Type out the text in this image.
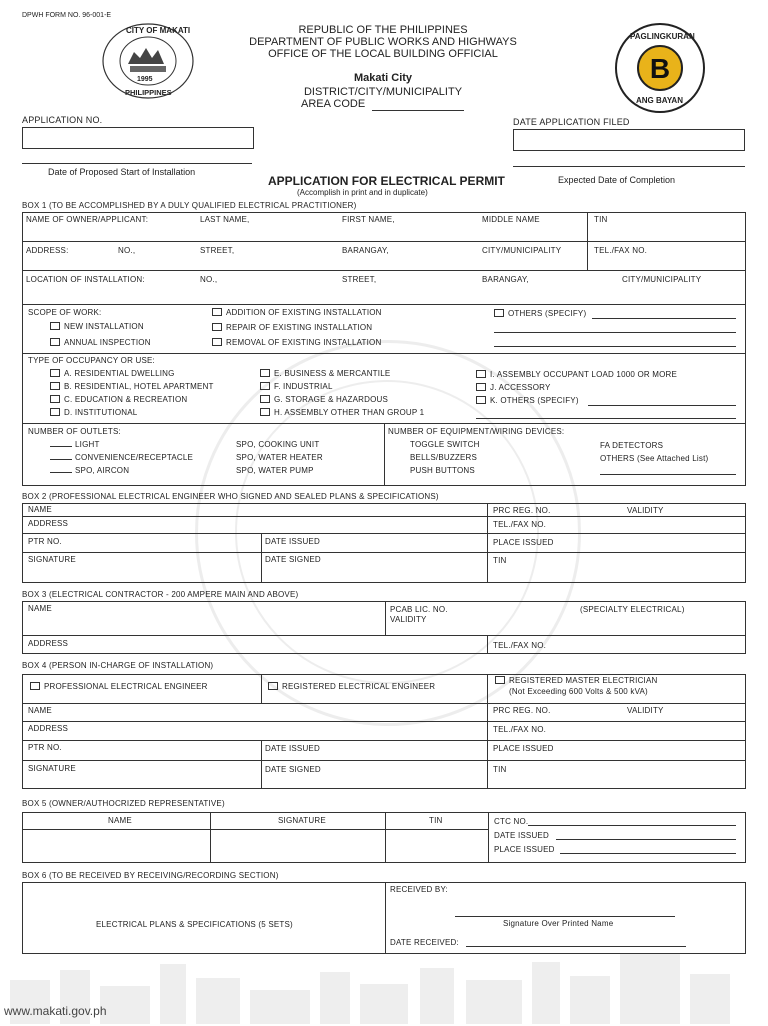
DPWH FORM NO. 96-001-E
CITY OF MAKATI
1995
PHILIPPINES
REPUBLIC OF THE PHILIPPINES
DEPARTMENT OF PUBLIC WORKS AND HIGHWAYS
OFFICE OF THE LOCAL BUILDING OFFICIAL
Makati City
DISTRICT/CITY/MUNICIPALITY
AREA CODE
B
PAGLINGKURAN
ANG BAYAN
APPLICATION NO.	DATE APPLICATION FILED
Date of Proposed Start of Installation
Expected Date of Completion
APPLICATION FOR ELECTRICAL PERMIT
(Accomplish in print and in duplicate)
BOX 1 (TO BE ACCOMPLISHED BY A DULY QUALIFIED ELECTRICAL PRACTITIONER)
NAME OF OWNER/APPLICANT:	LAST NAME,	FIRST NAME,	MIDDLE NAME	TIN
ADDRESS:	NO.,	STREET,	BARANGAY,	CITY/MUNICIPALITY	TEL./FAX NO.
LOCATION OF INSTALLATION:	NO.,	STREET,	BARANGAY,	CITY/MUNICIPALITY
SCOPE OF WORK:
NEW INSTALLATION
ANNUAL INSPECTION
ADDITION OF EXISTING INSTALLATION
REPAIR OF EXISTING INSTALLATION
REMOVAL OF EXISTING INSTALLATION
OTHERS (SPECIFY)
TYPE OF OCCUPANCY OR USE:
A. RESIDENTIAL DWELLING
B. RESIDENTIAL, HOTEL APARTMENT
C. EDUCATION & RECREATION
D. INSTITUTIONAL
E. BUSINESS & MERCANTILE
F. INDUSTRIAL
G. STORAGE & HAZARDOUS
H. ASSEMBLY OTHER THAN GROUP 1
I. ASSEMBLY OCCUPANT LOAD 1000 OR MORE
J. ACCESSORY
K. OTHERS (SPECIFY)
NUMBER OF OUTLETS:
LIGHT
CONVENIENCE/RECEPTACLE
SPO, AIRCON
SPO, COOKING UNIT
SPO, WATER HEATER
SPO, WATER PUMP
NUMBER OF EQUIPMENT/WIRING DEVICES:
TOGGLE SWITCH
BELLS/BUZZERS
PUSH BUTTONS
FA DETECTORS
OTHERS (See Attached List)
BOX 2 (PROFESSIONAL ELECTRICAL ENGINEER WHO SIGNED AND SEALED PLANS & SPECIFICATIONS)
NAME	PRC REG. NO.	VALIDITY
ADDRESS	TEL./FAX NO.
PTR NO.	DATE ISSUED	PLACE ISSUED
SIGNATURE	DATE SIGNED	TIN
BOX 3 (ELECTRICAL CONTRACTOR - 200 AMPERE MAIN AND ABOVE)
NAME	PCAB LIC. NO.
VALIDITY
(SPECIALTY ELECTRICAL)
ADDRESS	TEL./FAX NO.
BOX 4 (PERSON IN-CHARGE OF INSTALLATION)
PROFESSIONAL ELECTRICAL ENGINEER	REGISTERED ELECTRICAL ENGINEER
REGISTERED MASTER ELECTRICIAN
(Not Exceeding 600 Volts & 500 kVA)
NAME	PRC REG. NO.	VALIDITY
ADDRESS	TEL./FAX NO.
PTR NO.	DATE ISSUED	PLACE ISSUED
SIGNATURE	DATE SIGNED	TIN
BOX 5 (OWNER/AUTHOCRIZED REPRESENTATIVE)
NAME	SIGNATURE	TIN	CTC NO.
DATE ISSUED
PLACE ISSUED
BOX 6 (TO BE RECEIVED BY RECEIVING/RECORDING SECTION)
ELECTRICAL PLANS & SPECIFICATIONS (5 SETS)
RECEIVED BY:
Signature Over Printed Name
DATE RECEIVED:
www.makati.gov.ph
